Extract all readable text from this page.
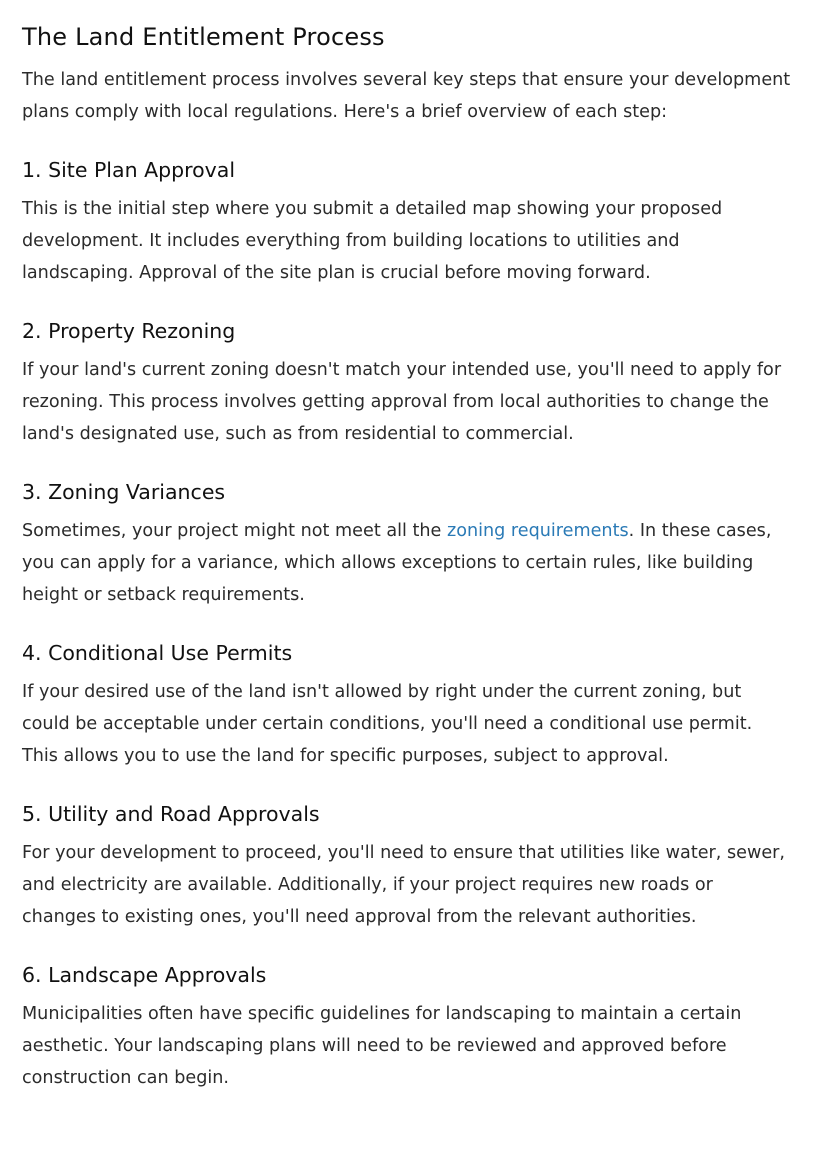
The Land Entitlement Process

The land entitlement process involves several key steps that ensure your development plans comply with local regulations. Here's a brief overview of each step:

1. Site Plan Approval

This is the initial step where you submit a detailed map showing your proposed development. It includes everything from building locations to utilities and landscaping. Approval of the site plan is crucial before moving forward.

2. Property Rezoning

If your land's current zoning doesn't match your intended use, you'll need to apply for rezoning. This process involves getting approval from local authorities to change the land's designated use, such as from residential to commercial.

3. Zoning Variances

Sometimes, your project might not meet all the zoning requirements. In these cases, you can apply for a variance, which allows exceptions to certain rules, like building height or setback requirements.

4. Conditional Use Permits

If your desired use of the land isn't allowed by right under the current zoning, but could be acceptable under certain conditions, you'll need a conditional use permit. This allows you to use the land for specific purposes, subject to approval.

5. Utility and Road Approvals

For your development to proceed, you'll need to ensure that utilities like water, sewer, and electricity are available. Additionally, if your project requires new roads or changes to existing ones, you'll need approval from the relevant authorities.

6. Landscape Approvals

Municipalities often have specific guidelines for landscaping to maintain a certain aesthetic. Your landscaping plans will need to be reviewed and approved before construction can begin.
